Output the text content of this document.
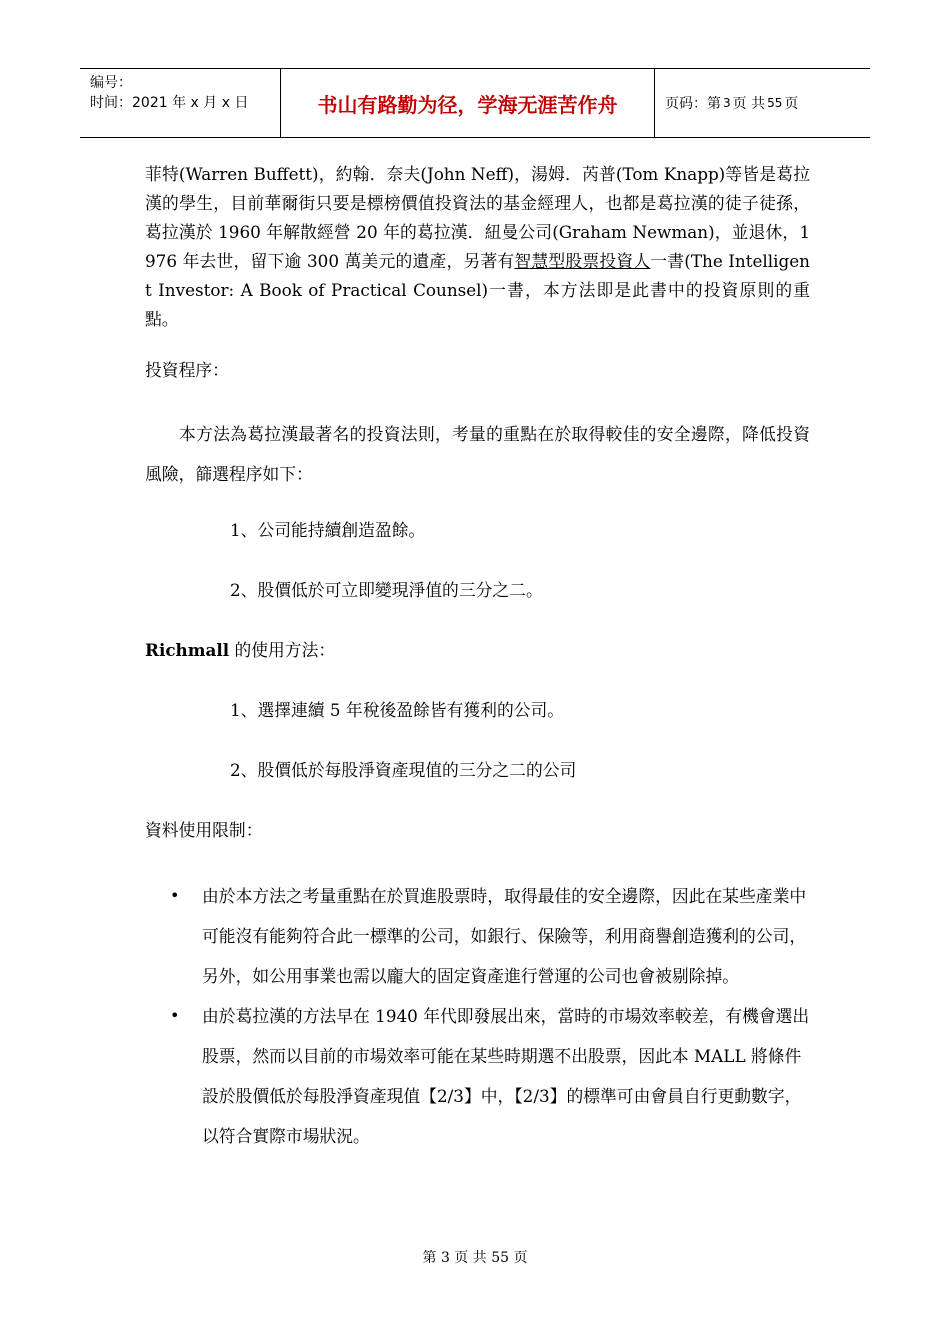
编号：
时间：2021 年 x 月 x 日	书山有路勤为径，学海无涯苦作舟	页码：第 3 页 共 55 页

菲特(Warren Buffett)，約翰．奈夫(John Neff)，湯姆．芮普(Tom Knapp)等皆是葛拉漢的學生，目前華爾街只要是標榜價值投資法的基金經理人，也都是葛拉漢的徒子徒孫，葛拉漢於 1960 年解散經營 20 年的葛拉漢．紐曼公司(Graham Newman)，並退休，1976 年去世，留下逾 300 萬美元的遺產，另著有智慧型股票投資人一書(The Intelligent Investor: A Book of Practical Counsel)一書，本方法即是此書中的投資原則的重點。

投資程序：
本方法為葛拉漢最著名的投資法則，考量的重點在於取得較佳的安全邊際，降低投資風險，篩選程序如下：
1、公司能持續創造盈餘。
2、股價低於可立即變現淨值的三分之二。
Richmall 的使用方法：
1、選擇連續 5 年稅後盈餘皆有獲利的公司。
2、股價低於每股淨資產現值的三分之二的公司
資料使用限制：
•	由於本方法之考量重點在於買進股票時，取得最佳的安全邊際，因此在某些產業中可能沒有能夠符合此一標準的公司，如銀行、保險等，利用商譽創造獲利的公司，另外，如公用事業也需以龐大的固定資產進行營運的公司也會被剔除掉。
•	由於葛拉漢的方法早在 1940 年代即發展出來，當時的市場效率較差，有機會選出股票，然而以目前的市場效率可能在某些時期選不出股票，因此本 MALL 將條件設於股價低於每股淨資產現值【2/3】中，【2/3】的標準可由會員自行更動數字，以符合實際市場狀況。
第 3 页 共 55 页
